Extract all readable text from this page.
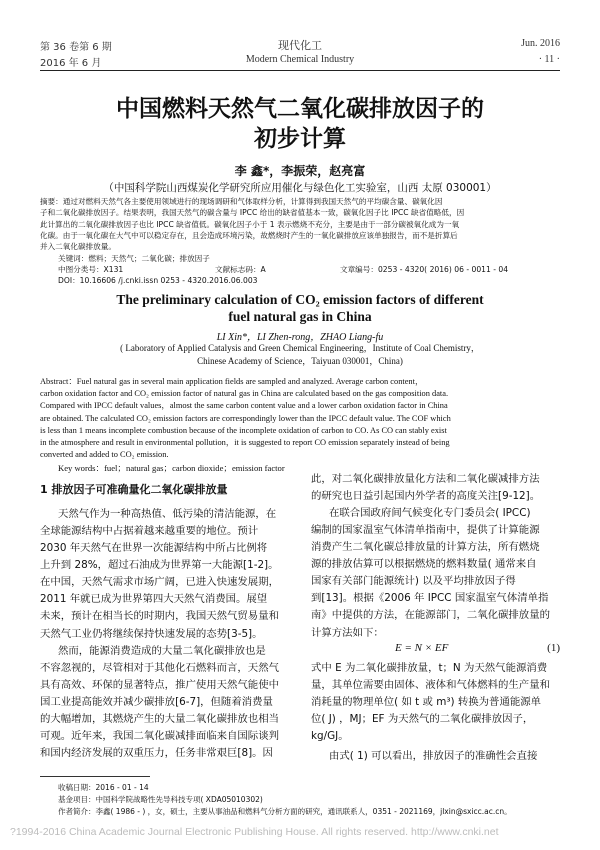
第 36 卷第 6 期
2016 年 6 月
现代化工
Modern Chemical Industry
Jun. 2016
· 11 ·
中国燃料天然气二氧化碳排放因子的
初步计算
李 鑫*，李振荣，赵亮富
（中国科学院山西煤炭化学研究所应用催化与绿色化工实验室，山西 太原 030001）
摘要：通过对燃料天然气各主要使用领域进行的现场调研和气体取样分析，计算得到我国天然气的平均碳含量、碳氧化因
子和二氧化碳排放因子。结果表明，我国天然气的碳含量与 IPCC 给出的缺省值基本一致，碳氧化因子比 IPCC 缺省值略低，因
此计算出的二氧化碳排放因子也比 IPCC 缺省值低。碳氧化因子小于 1 表示燃烧不充分，主要是由于一部分碳被氧化成为一氧
化碳。由于一氧化碳在大气中可以稳定存在，且会造成环境污染，故燃烧时产生的一氧化碳排放应该单独报告，而不是折算后
并入二氧化碳排放量。
关键词：燃料；天然气；二氧化碳；排放因子
中图分类号：X131	文献标志码：A	文章编号：0253 - 4320( 2016) 06 - 0011 - 04
DOI：10.16606 /j.cnki.issn 0253 - 4320.2016.06.003
The preliminary calculation of CO₂ emission factors of different
fuel natural gas in China
LI Xin*，LI Zhen-rong，ZHAO Liang-fu
( Laboratory of Applied Catalysis and Green Chemical Engineering，Institute of Coal Chemistry，
Chinese Academy of Science，Taiyuan 030001，China)
Abstract：Fuel natural gas in several main application fields are sampled and analyzed. Average carbon content，
carbon oxidation factor and CO₂ emission factor of natural gas in China are calculated based on the gas composition data.
Compared with IPCC default values，almost the same carbon content value and a lower carbon oxidation factor in China
are obtained. The calculated CO₂ emission factors are correspondingly lower than the IPCC default value. The COF which
is less than 1 means incomplete combustion because of the incomplete oxidation of carbon to CO. As CO can stably exist
in the atmosphere and result in environmental pollution，it is suggested to report CO emission separately instead of being
converted and added to CO₂ emission.
Key words：fuel；natural gas；carbon dioxide；emission factor
1 排放因子可准确量化二氧化碳排放量
天然气作为一种高热值、低污染的清洁能源，在
全球能源结构中占据着越来越重要的地位。预计
2030 年天然气在世界一次能源结构中所占比例将
上升到 28%，超过石油成为世界第一大能源[1-2]。
在中国，天然气需求市场广阔，已进入快速发展期，
2011 年就已成为世界第四大天然气消费国。展望
未来，预计在相当长的时期内，我国天然气贸易量和
天然气工业仍将继续保持快速发展的态势[3-5]。
然而，能源消费造成的大量二氧化碳排放也是
不容忽视的，尽管相对于其他化石燃料而言，天然气
具有高效、环保的显著特点，推广使用天然气能使中
国工业提高能效并减少碳排放[6-7]，但随着消费量
的大幅增加，其燃烧产生的大量二氧化碳排放也相当
可观。近年来，我国二氧化碳减排面临来自国际谈判
和国内经济发展的双重压力，任务非常艰巨[8]。因
此，对二氧化碳排放量化方法和二氧化碳减排方法
的研究也日益引起国内外学者的高度关注[9-12]。
在联合国政府间气候变化专门委员会( IPCC)
编制的国家温室气体清单指南中，提供了计算能源
消费产生二氧化碳总排放量的计算方法，所有燃烧
源的排放估算可以根据燃烧的燃料数量( 通常来自
国家有关部门能源统计) 以及平均排放因子得
到[13]。根据《2006 年 IPCC 国家温室气体清单指
南》中提供的方法，在能源部门，二氧化碳排放量的
计算方法如下：
E = N × EF	(1)
式中 E 为二氧化碳排放量，t；N 为天然气能源消费
量，其单位需要由固体、液体和气体燃料的生产量和
消耗量的物理单位( 如 t 或 m³) 转换为普通能源单
位( J) ，MJ；EF 为天然气的二氧化碳排放因子，
kg/GJ。
由式( 1) 可以看出，排放因子的准确性会直接
收稿日期：2016 - 01 - 14
基金项目：中国科学院战略性先导科技专项( XDA05010302)
作者简介：李鑫( 1986 - ) ，女，硕士，主要从事油品和燃料气分析方面的研究，通讯联系人，0351 - 2021169，jlxin@sxicc.ac.cn。
?1994-2016 China Academic Journal Electronic Publishing House. All rights reserved. http://www.cnki.net
